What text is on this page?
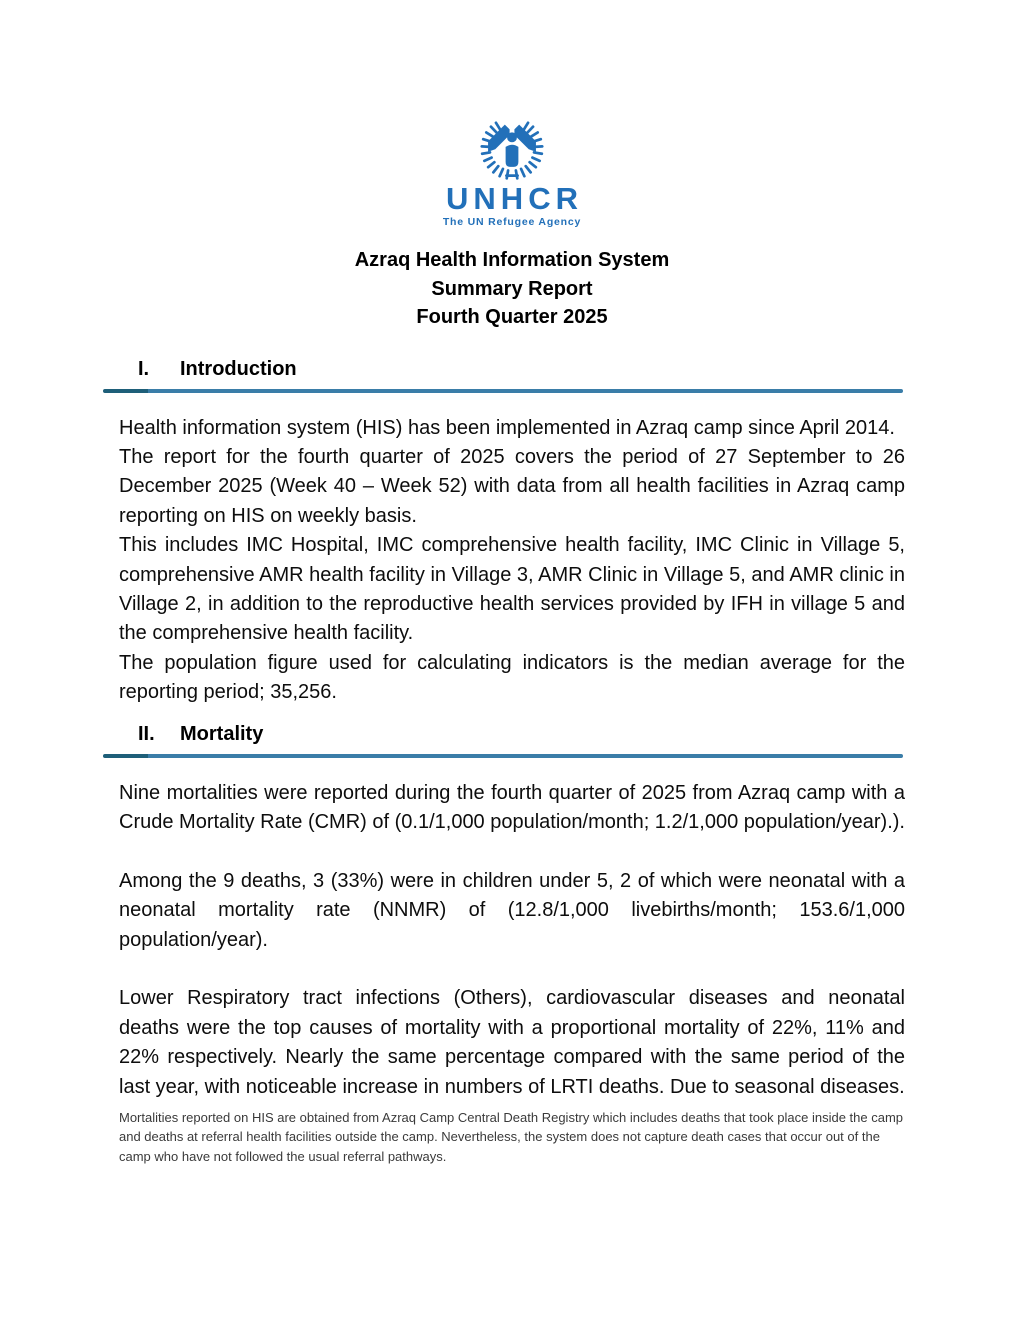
UNHCR
The UN Refugee Agency
Azraq Health Information System
Summary Report
Fourth Quarter 2025
I. Introduction

Health information system (HIS) has been implemented in Azraq camp since April 2014.

The report for the fourth quarter of 2025 covers the period of 27 September to 26 December 2025 (Week 40 – Week 52) with data from all health facilities in Azraq camp reporting on HIS on weekly basis.

This includes IMC Hospital, IMC comprehensive health facility, IMC Clinic in Village 5, comprehensive AMR health facility in Village 3, AMR Clinic in Village 5, and AMR clinic in Village 2, in addition to the reproductive health services provided by IFH in village 5 and the comprehensive health facility.

The population figure used for calculating indicators is the median average for the reporting period; 35,256.

II. Mortality

Nine mortalities were reported during the fourth quarter of 2025 from Azraq camp with a Crude Mortality Rate (CMR) of (0.1/1,000 population/month; 1.2/1,000 population/year).).

Among the 9 deaths, 3 (33%) were in children under 5, 2 of which were neonatal with a neonatal mortality rate (NNMR) of (12.8/1,000 livebirths/month; 153.6/1,000 population/year).

Lower Respiratory tract infections (Others), cardiovascular diseases and neonatal deaths were the top causes of mortality with a proportional mortality of 22%, 11% and 22% respectively. Nearly the same percentage compared with the same period of the last year, with noticeable increase in numbers of LRTI deaths. Due to seasonal diseases.

Mortalities reported on HIS are obtained from Azraq Camp Central Death Registry which includes deaths that took place inside the camp and deaths at referral health facilities outside the camp. Nevertheless, the system does not capture death cases that occur out of the camp who have not followed the usual referral pathways.
